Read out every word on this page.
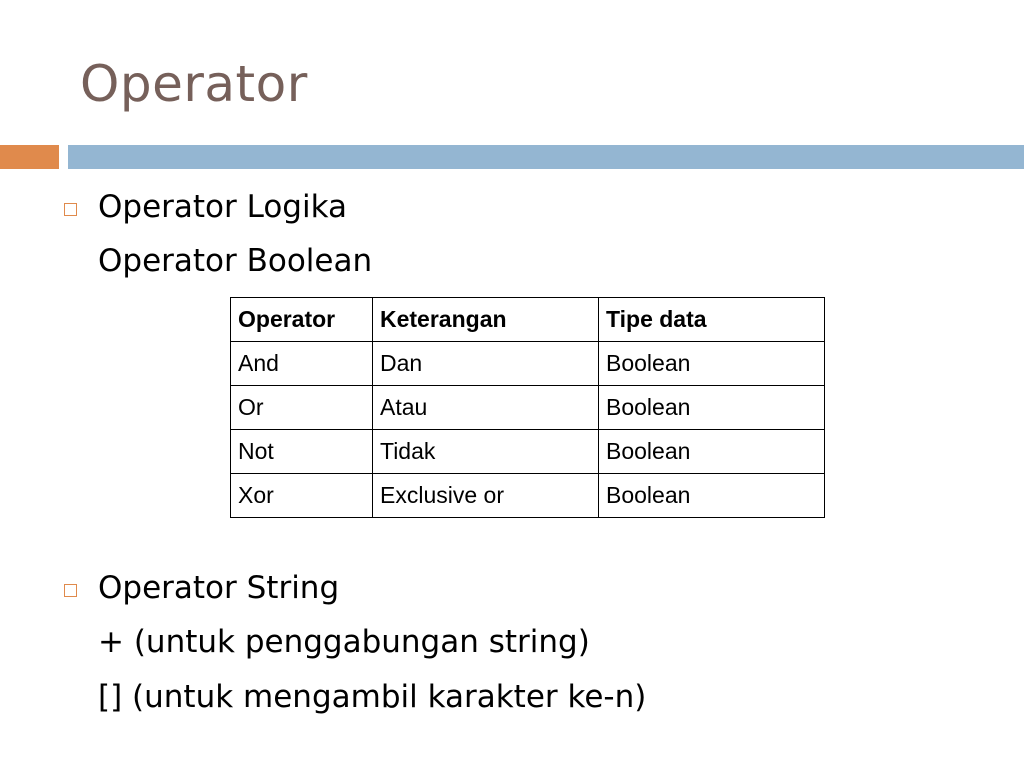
Operator
Operator Logika
Operator Boolean
Operator	Keterangan	Tipe data
And	Dan	Boolean
Or	Atau	Boolean
Not	Tidak	Boolean
Xor	Exclusive or	Boolean
Operator String
+ (untuk penggabungan string)
[] (untuk mengambil karakter ke-n)
